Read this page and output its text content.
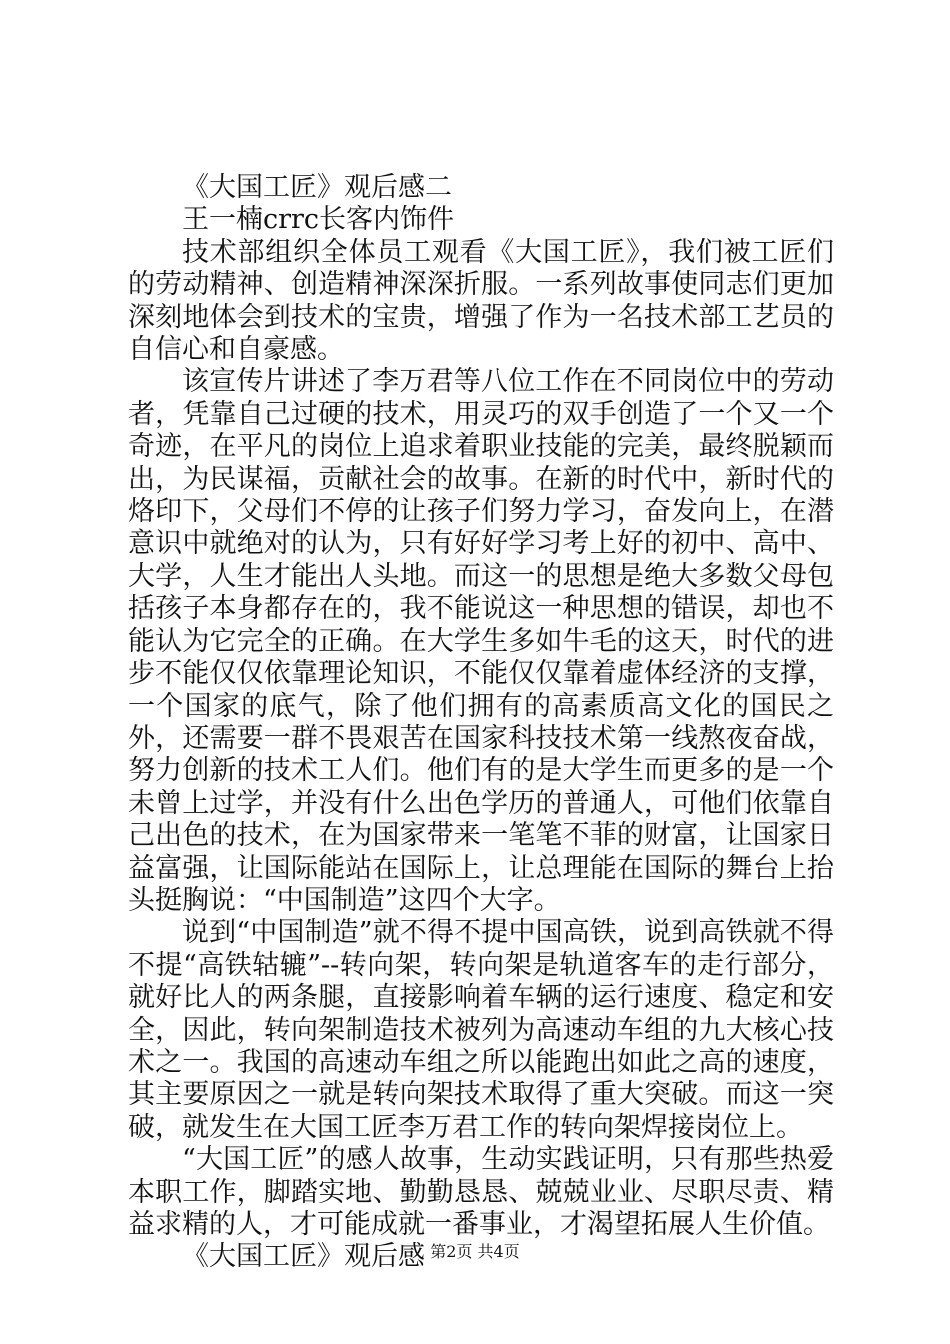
《大国工匠》观后感二

王一楠crrc长客内饰件

技术部组织全体员工观看《大国工匠》，我们被工匠们的劳动精神、创造精神深深折服。一系列故事使同志们更加深刻地体会到技术的宝贵，增强了作为一名技术部工艺员的自信心和自豪感。

该宣传片讲述了李万君等八位工作在不同岗位中的劳动者，凭靠自己过硬的技术，用灵巧的双手创造了一个又一个奇迹，在平凡的岗位上追求着职业技能的完美，最终脱颖而出，为民谋福，贡献社会的故事。在新的时代中，新时代的烙印下，父母们不停的让孩子们努力学习，奋发向上，在潜意识中就绝对的认为，只有好好学习考上好的初中、高中、大学，人生才能出人头地。而这一的思想是绝大多数父母包括孩子本身都存在的，我不能说这一种思想的错误，却也不能认为它完全的正确。在大学生多如牛毛的这天，时代的进步不能仅仅依靠理论知识，不能仅仅靠着虚体经济的支撑，一个国家的底气，除了他们拥有的高素质高文化的国民之外，还需要一群不畏艰苦在国家科技技术第一线熬夜奋战，努力创新的技术工人们。他们有的是大学生而更多的是一个未曾上过学，并没有什么出色学历的普通人，可他们依靠自己出色的技术，在为国家带来一笔笔不菲的财富，让国家日益富强，让国际能站在国际上，让总理能在国际的舞台上抬头挺胸说：“中国制造”这四个大字。

说到“中国制造”就不得不提中国高铁，说到高铁就不得不提“高铁轱辘”--转向架，转向架是轨道客车的走行部分，就好比人的两条腿，直接影响着车辆的运行速度、稳定和安全，因此，转向架制造技术被列为高速动车组的九大核心技术之一。我国的高速动车组之所以能跑出如此之高的速度，其主要原因之一就是转向架技术取得了重大突破。而这一突破，就发生在大国工匠李万君工作的转向架焊接岗位上。

“大国工匠”的感人故事，生动实践证明，只有那些热爱本职工作，脚踏实地、勤勤恳恳、兢兢业业、尽职尽责、精益求精的人，才可能成就一番事业，才渴望拓展人生价值。

《大国工匠》观后感 第2页 共4页
